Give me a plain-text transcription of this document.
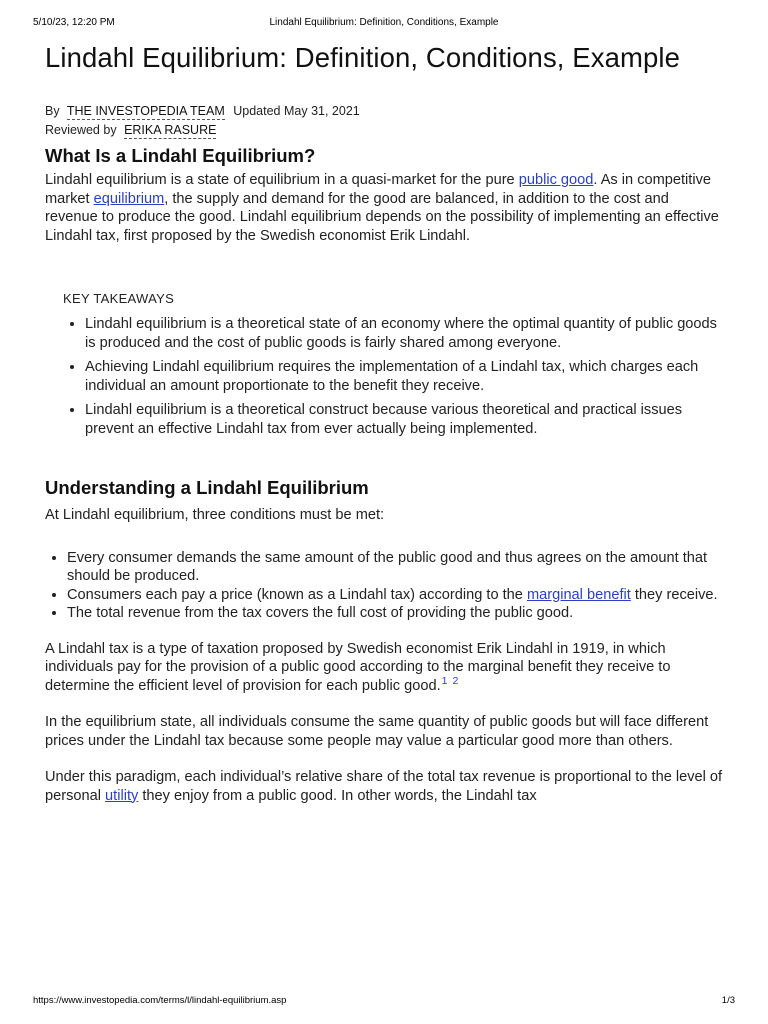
5/10/23, 12:20 PM	Lindahl Equilibrium: Definition, Conditions, Example
Lindahl Equilibrium: Definition, Conditions, Example
By THE INVESTOPEDIA TEAM Updated May 31, 2021
Reviewed by ERIKA RASURE
What Is a Lindahl Equilibrium?

Lindahl equilibrium is a state of equilibrium in a quasi-market for the pure public good. As in competitive market equilibrium, the supply and demand for the good are balanced, in addition to the cost and revenue to produce the good. Lindahl equilibrium depends on the possibility of implementing an effective Lindahl tax, first proposed by the Swedish economist Erik Lindahl.

KEY TAKEAWAYS
• Lindahl equilibrium is a theoretical state of an economy where the optimal quantity of public goods is produced and the cost of public goods is fairly shared among everyone.
• Achieving Lindahl equilibrium requires the implementation of a Lindahl tax, which charges each individual an amount proportionate to the benefit they receive.
• Lindahl equilibrium is a theoretical construct because various theoretical and practical issues prevent an effective Lindahl tax from ever actually being implemented.
Understanding a Lindahl Equilibrium

At Lindahl equilibrium, three conditions must be met:

• Every consumer demands the same amount of the public good and thus agrees on the amount that should be produced.
• Consumers each pay a price (known as a Lindahl tax) according to the marginal benefit they receive.
• The total revenue from the tax covers the full cost of providing the public good.

A Lindahl tax is a type of taxation proposed by Swedish economist Erik Lindahl in 1919, in which individuals pay for the provision of a public good according to the marginal benefit they receive to determine the efficient level of provision for each public good.$^1$ $^2$

In the equilibrium state, all individuals consume the same quantity of public goods but will face different prices under the Lindahl tax because some people may value a particular good more than others.

Under this paradigm, each individual’s relative share of the total tax revenue is proportional to the level of personal utility they enjoy from a public good. In other words, the Lindahl tax

https://www.investopedia.com/terms/l/lindahl-equilibrium.asp	1/3
